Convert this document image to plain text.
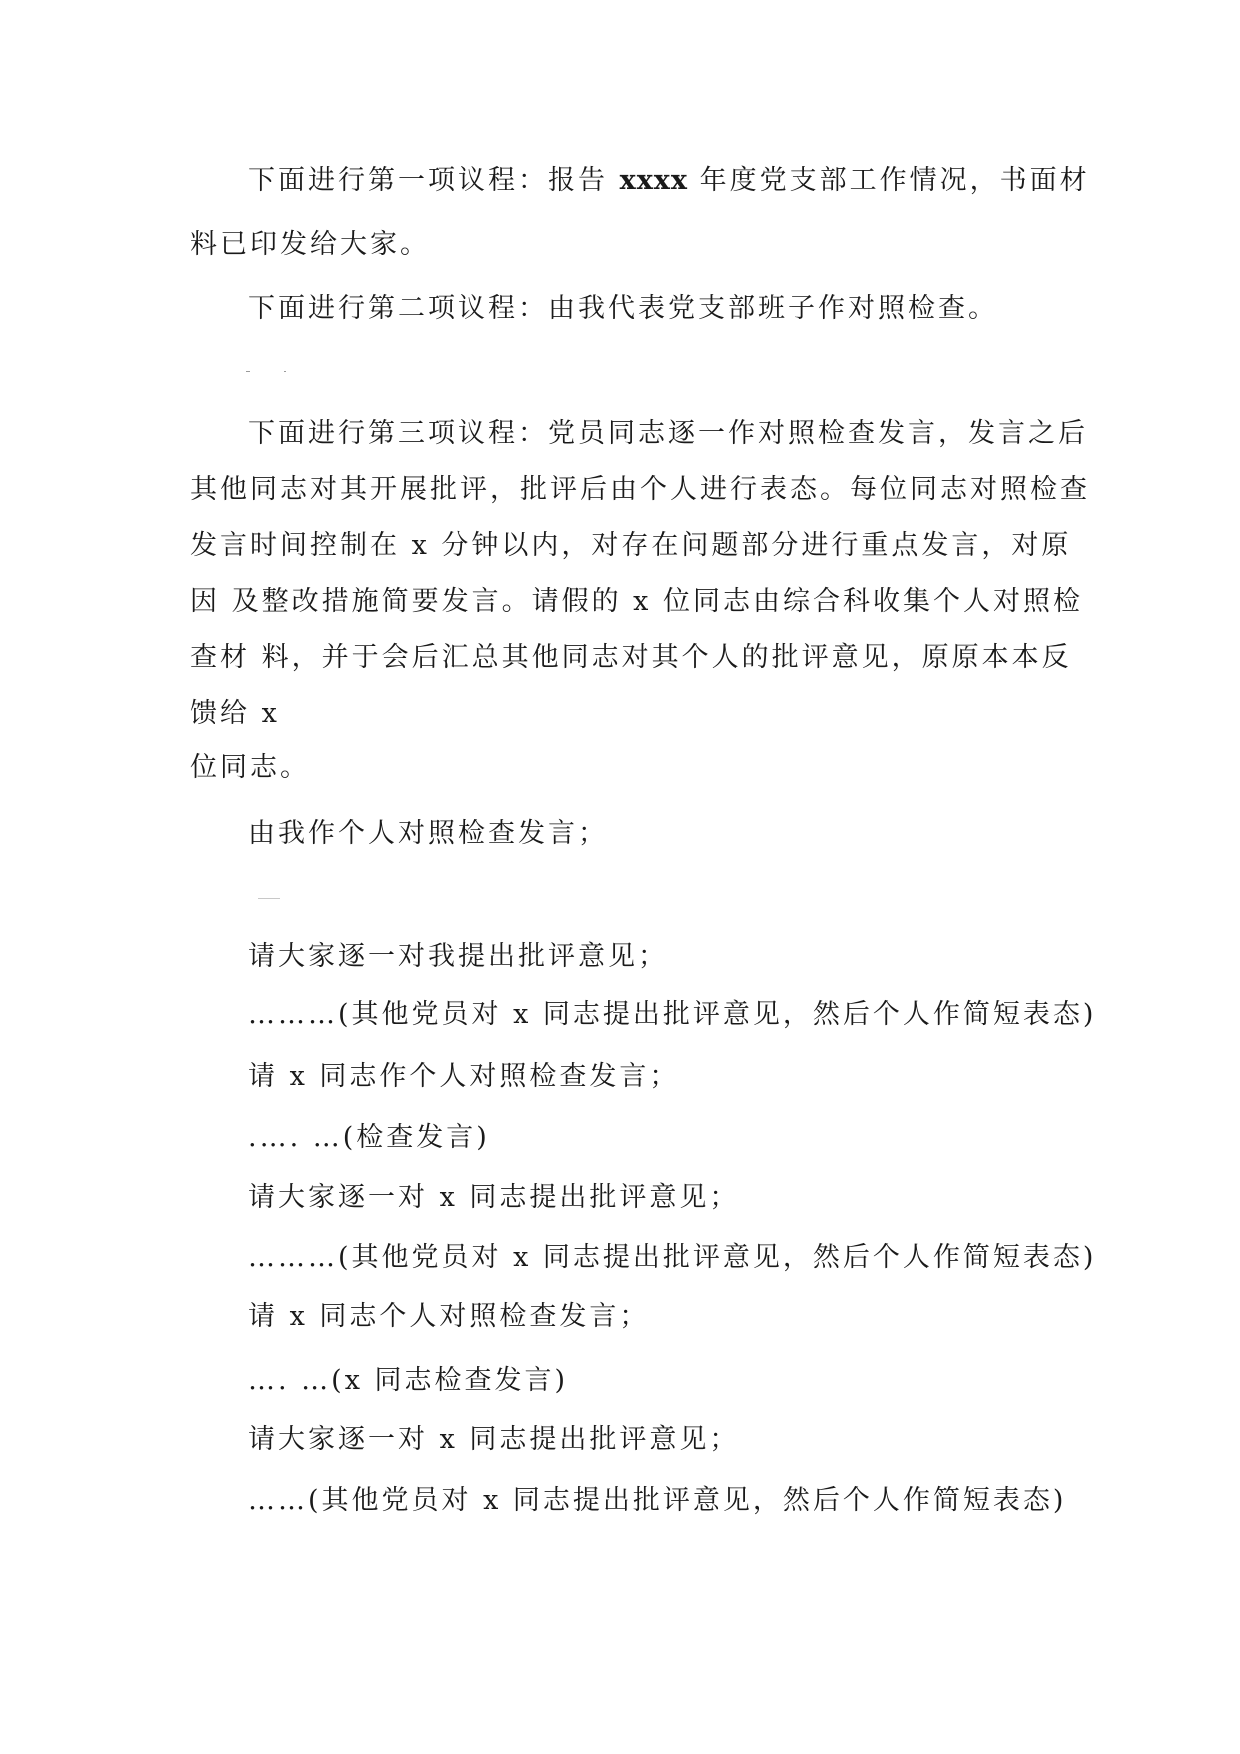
下面进行第一项议程：报告 xxxx 年度党支部工作情况，书面材
料已印发给大家。
下面进行第二项议程：由我代表党支部班子作对照检查。
下面进行第三项议程：党员同志逐一作对照检查发言，发言之后
其他同志对其开展批评，批评后由个人进行表态。每位同志对照检查
发言时间控制在 x 分钟以内，对存在问题部分进行重点发言，对原
因 及整改措施简要发言。请假的 x 位同志由综合科收集个人对照检
查材 料，并于会后汇总其他同志对其个人的批评意见，原原本本反
馈给 x
位同志。
由我作个人对照检查发言；
请大家逐一对我提出批评意见；
………(其他党员对 x 同志提出批评意见，然后个人作简短表态)
请 x 同志作个人对照检查发言；
.…. …(检查发言)
请大家逐一对 x 同志提出批评意见；
………(其他党员对 x 同志提出批评意见，然后个人作简短表态)
请 x 同志个人对照检查发言；
…. …(x 同志检查发言)
请大家逐一对 x 同志提出批评意见；
……(其他党员对 x 同志提出批评意见，然后个人作简短表态)
